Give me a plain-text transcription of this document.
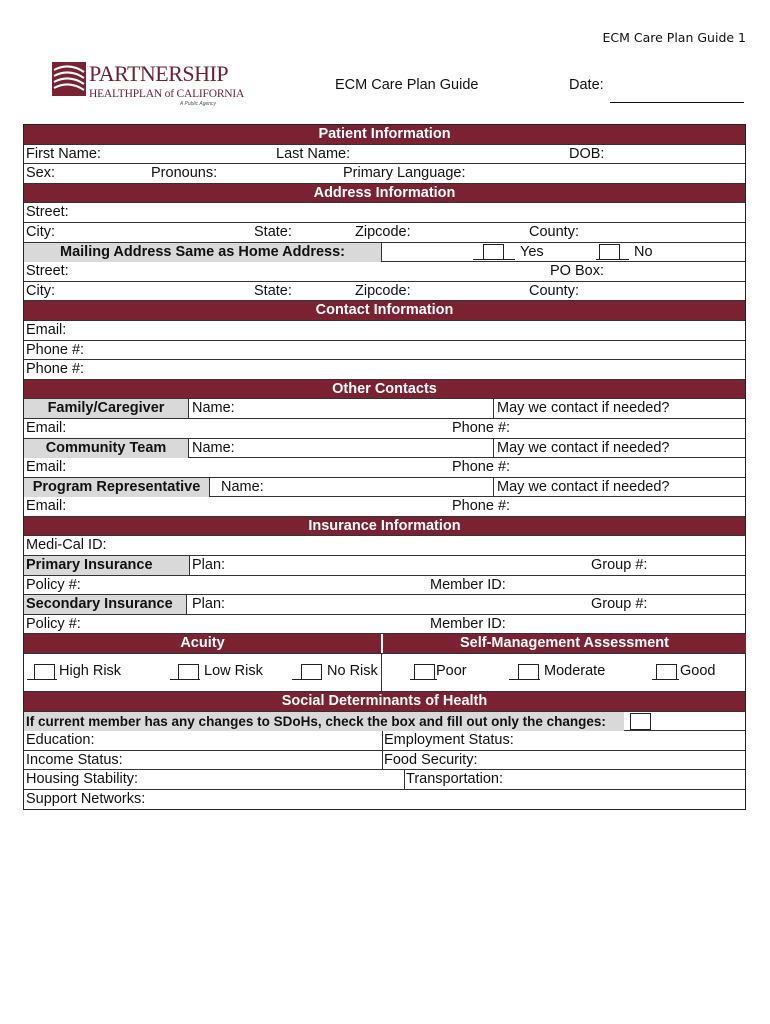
ECM Care Plan Guide 1
PARTNERSHIP
HEALTHPLAN of CALIFORNIA
A Public Agency
ECM Care Plan Guide	Date:
Patient Information
First Name:	Last Name:	DOB:
Sex:	Pronouns:	Primary Language:
Address Information
Street:
City:	State:	Zipcode:	County:
Mailing Address Same as Home Address:	Yes	No
Street:	PO Box:
City:	State:	Zipcode:	County:
Contact Information
Email:
Phone #:
Phone #:
Other Contacts
Family/Caregiver	Name:	May we contact if needed?
Email:	Phone #:
Community Team	Name:	May we contact if needed?
Email:	Phone #:
Program Representative	Name:	May we contact if needed?
Email:	Phone #:
Insurance Information
Medi-Cal ID:
Primary Insurance	Plan:	Group #:
Policy #:	Member ID:
Secondary Insurance	Plan:	Group #:
Policy #:	Member ID:
Acuity	Self-Management Assessment
High Risk	Low Risk	No Risk	Poor	Moderate	Good
Social Determinants of Health
If current member has any changes to SDoHs, check the box and fill out only the changes:
Education:	Employment Status:
Income Status:	Food Security:
Housing Stability:	Transportation:
Support Networks:
